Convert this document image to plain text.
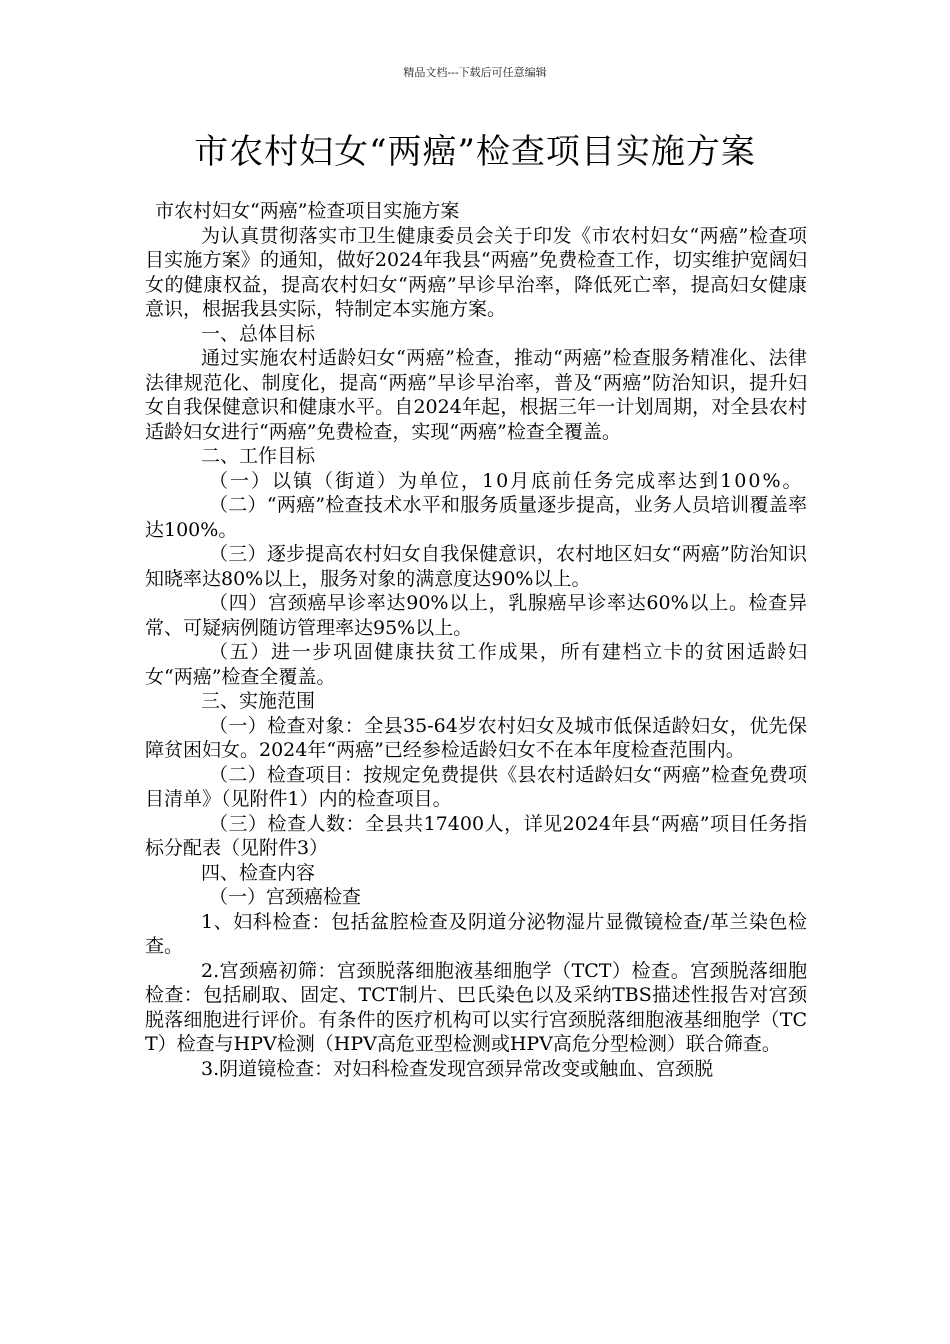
精品文档---下载后可任意编辑
市农村妇女“两癌”检查项目实施方案

市农村妇女“两癌”检查项目实施方案

为认真贯彻落实市卫生健康委员会关于印发《市农村妇女“两癌”检查项目实施方案》的通知，做好2024年我县“两癌”免费检查工作，切实维护宽阔妇女的健康权益，提高农村妇女“两癌”早诊早治率，降低死亡率，提高妇女健康意识，根据我县实际，特制定本实施方案。

一、总体目标

通过实施农村适龄妇女“两癌”检查，推动“两癌”检查服务精准化、法律法律规范化、制度化，提高“两癌”早诊早治率，普及“两癌”防治知识，提升妇女自我保健意识和健康水平。自2024年起，根据三年一计划周期，对全县农村适龄妇女进行“两癌”免费检查，实现“两癌”检查全覆盖。

二、工作目标

（一）以镇（街道）为单位，10月底前任务完成率达到100%。

（二）“两癌”检查技术水平和服务质量逐步提高，业务人员培训覆盖率达100%。

（三）逐步提高农村妇女自我保健意识，农村地区妇女“两癌”防治知识知晓率达80%以上，服务对象的满意度达90%以上。

（四）宫颈癌早诊率达90%以上，乳腺癌早诊率达60%以上。检查异常、可疑病例随访管理率达95%以上。

（五）进一步巩固健康扶贫工作成果，所有建档立卡的贫困适龄妇女“两癌”检查全覆盖。

三、实施范围

（一）检查对象：全县35-64岁农村妇女及城市低保适龄妇女，优先保障贫困妇女。2024年“两癌”已经参检适龄妇女不在本年度检查范围内。

（二）检查项目：按规定免费提供《县农村适龄妇女“两癌”检查免费项目清单》（见附件1）内的检查项目。

（三）检查人数：全县共17400人，详见2024年县“两癌”项目任务指标分配表（见附件3）

四、检查内容

（一）宫颈癌检查

1、妇科检查：包括盆腔检查及阴道分泌物湿片显微镜检查/革兰染色检查。

2.宫颈癌初筛：宫颈脱落细胞液基细胞学（TCT）检查。宫颈脱落细胞检查：包括刷取、固定、TCT制片、巴氏染色以及采纳TBS描述性报告对宫颈脱落细胞进行评价。有条件的医疗机构可以实行宫颈脱落细胞液基细胞学（TCT）检查与HPV检测（HPV高危亚型检测或HPV高危分型检测）联合筛查。

3.阴道镜检查：对妇科检查发现宫颈异常改变或触血、宫颈脱
